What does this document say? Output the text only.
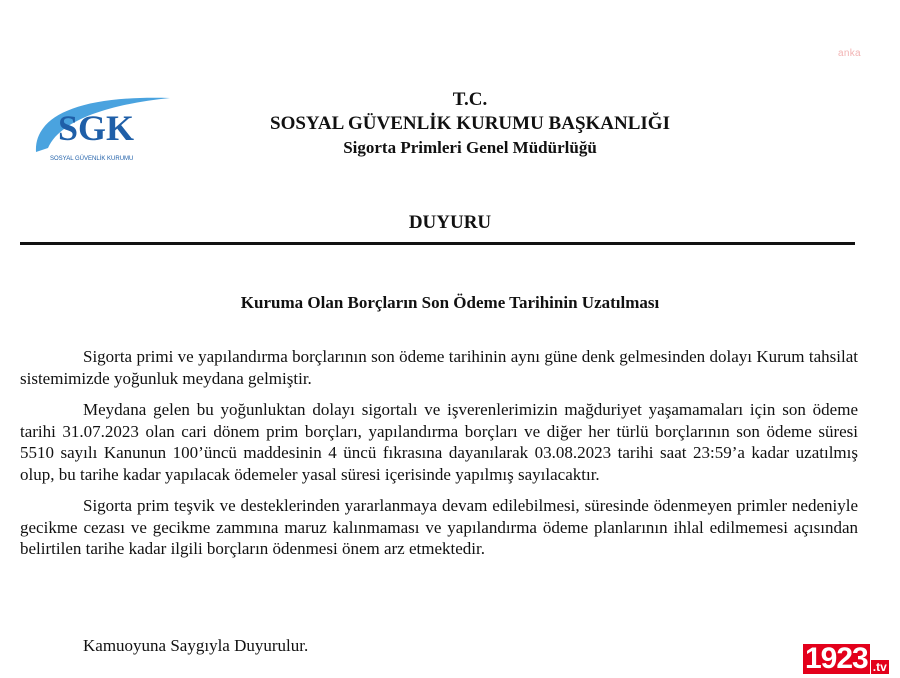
anka
SGK
SOSYAL GÜVENLİK KURUMU
T.C.
SOSYAL GÜVENLİK KURUMU BAŞKANLIĞI
Sigorta Primleri Genel Müdürlüğü
DUYURU
Kuruma Olan Borçların Son Ödeme Tarihinin Uzatılması

Sigorta primi ve yapılandırma borçlarının son ödeme tarihinin aynı güne denk gelmesinden dolayı Kurum tahsilat sistemimizde yoğunluk meydana gelmiştir.

Meydana gelen bu yoğunluktan dolayı sigortalı ve işverenlerimizin mağduriyet yaşamamaları için son ödeme tarihi 31.07.2023 olan cari dönem prim borçları, yapılandırma borçları ve diğer her türlü borçlarının son ödeme süresi 5510 sayılı Kanunun 100’üncü maddesinin 4 üncü fıkrasına dayanılarak 03.08.2023 tarihi saat 23:59’a kadar uzatılmış olup, bu tarihe kadar yapılacak ödemeler yasal süresi içerisinde yapılmış sayılacaktır.

Sigorta prim teşvik ve desteklerinden yararlanmaya devam edilebilmesi, süresinde ödenmeyen primler nedeniyle gecikme cezası ve gecikme zammına maruz kalınmaması ve yapılandırma ödeme planlarının ihlal edilmemesi açısından belirtilen tarihe kadar ilgili borçların ödenmesi önem arz etmektedir.

Kamuoyuna Saygıyla Duyurulur.	1923 .tv
